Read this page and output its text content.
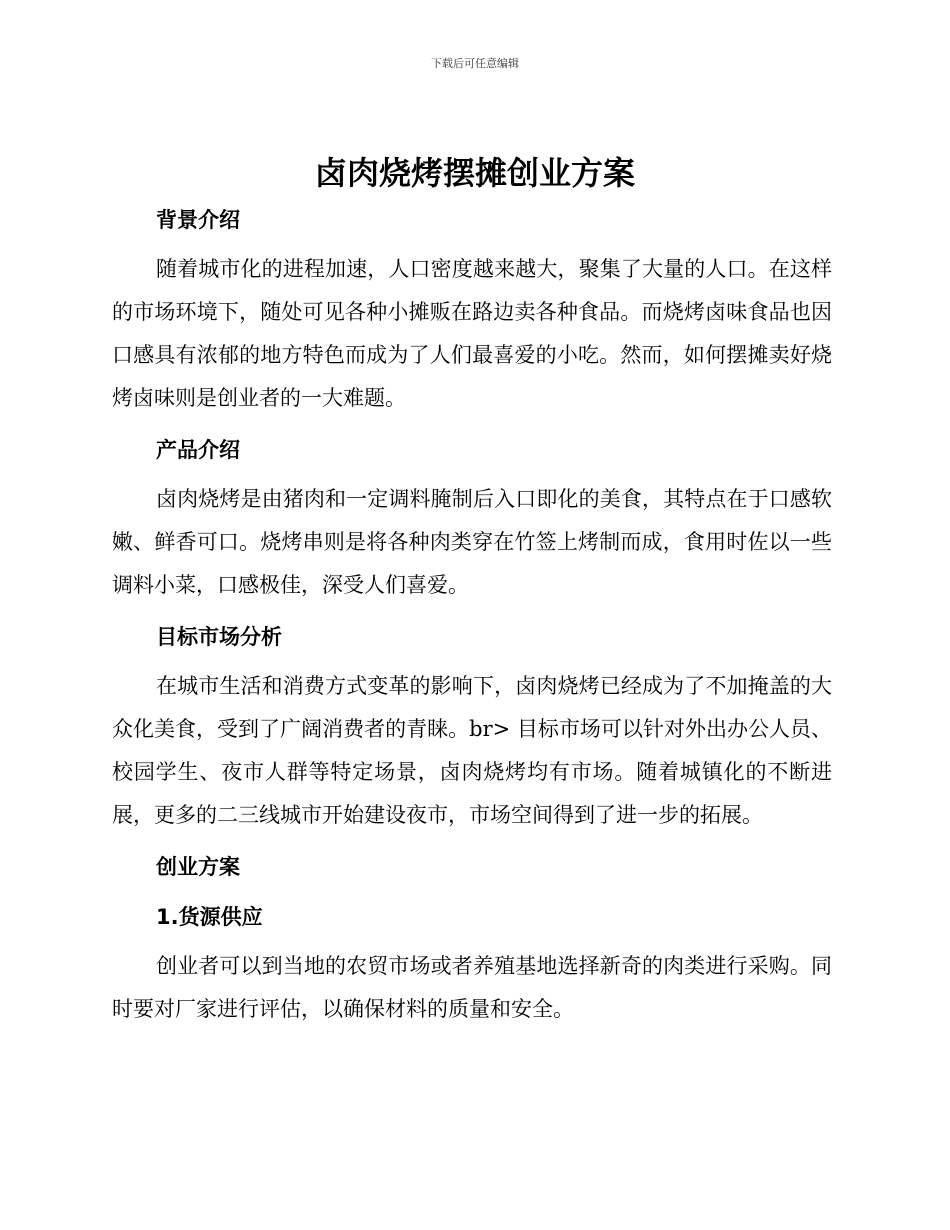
下载后可任意编辑
卤肉烧烤摆摊创业方案

背景介绍

随着城市化的进程加速，人口密度越来越大，聚集了大量的人口。在这样的市场环境下，随处可见各种小摊贩在路边卖各种食品。而烧烤卤味食品也因口感具有浓郁的地方特色而成为了人们最喜爱的小吃。然而，如何摆摊卖好烧烤卤味则是创业者的一大难题。

产品介绍

卤肉烧烤是由猪肉和一定调料腌制后入口即化的美食，其特点在于口感软嫩、鲜香可口。烧烤串则是将各种肉类穿在竹签上烤制而成，食用时佐以一些调料小菜，口感极佳，深受人们喜爱。

目标市场分析

在城市生活和消费方式变革的影响下，卤肉烧烤已经成为了不加掩盖的大众化美食，受到了广阔消费者的青睐。br> 目标市场可以针对外出办公人员、校园学生、夜市人群等特定场景，卤肉烧烤均有市场。随着城镇化的不断进展，更多的二三线城市开始建设夜市，市场空间得到了进一步的拓展。

创业方案

1.货源供应

创业者可以到当地的农贸市场或者养殖基地选择新奇的肉类进行采购。同时要对厂家进行评估，以确保材料的质量和安全。
